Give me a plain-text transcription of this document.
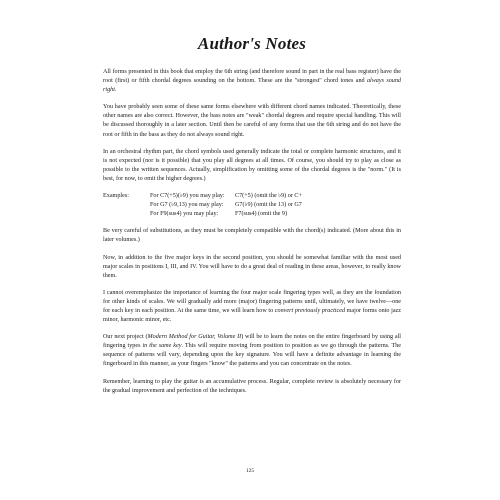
Author's Notes

All forms presented in this book that employ the 6th string (and therefore sound in part in the real bass register) have the root (first) or fifth chordal degrees sounding on the bottom. These are the "strongest" chord tones and always sound right.

You have probably seen some of these same forms elsewhere with different chord names indicated. Theoretically, these other names are also correct. However, the bass notes are "weak" chordal degrees and require special handling. This will be discussed thoroughly in a later section. Until then be careful of any forms that use the 6th string and do not have the root or fifth in the bass as they do not always sound right.

In an orchestral rhythm part, the chord symbols used generally indicate the total or complete harmonic structures, and it is not expected (nor is it possible) that you play all degrees at all times. Of course, you should try to play as close as possible to the written sequences. Actually, simplification by omitting some of the chordal degrees is the "norm." (It is best, for now, to omit the higher degrees.)

Examples:	For C7(+5)(♭9) you may play:	C7(+5) (omit the ♭9) or C+
For G7 (♭9,13) you may play:	G7(♭9) (omit the 13) or G7
For F9(sus4) you may play:	F7(sus4) (omit the 9)

Be very careful of substitutions, as they must be completely compatible with the chord(s) indicated. (More about this in later volumes.)

Now, in addition to the five major keys in the second position, you should be somewhat familiar with the most used major scales in positions I, III, and IV. You will have to do a great deal of reading in these areas, however, to really know them.

I cannot overemphasize the importance of learning the four major scale fingering types well, as they are the foundation for other kinds of scales. We will gradually add more (major) fingering patterns until, ultimately, we have twelve—one for each key in each position. At the same time, we will learn how to convert previously practiced major forms onto jazz minor, harmonic minor, etc.

Our next project (Modern Method for Guitar, Volume II) will be to learn the notes on the entire fingerboard by using all fingering types in the same key. This will require moving from position to position as we go through the patterns. The sequence of patterns will vary, depending upon the key signature. You will have a definite advantage in learning the fingerboard in this manner, as your fingers "know" the patterns and you can concentrate on the notes.

Remember, learning to play the guitar is an accumulative process. Regular, complete review is absolutely necessary for the gradual improvement and perfection of the techniques.

125
